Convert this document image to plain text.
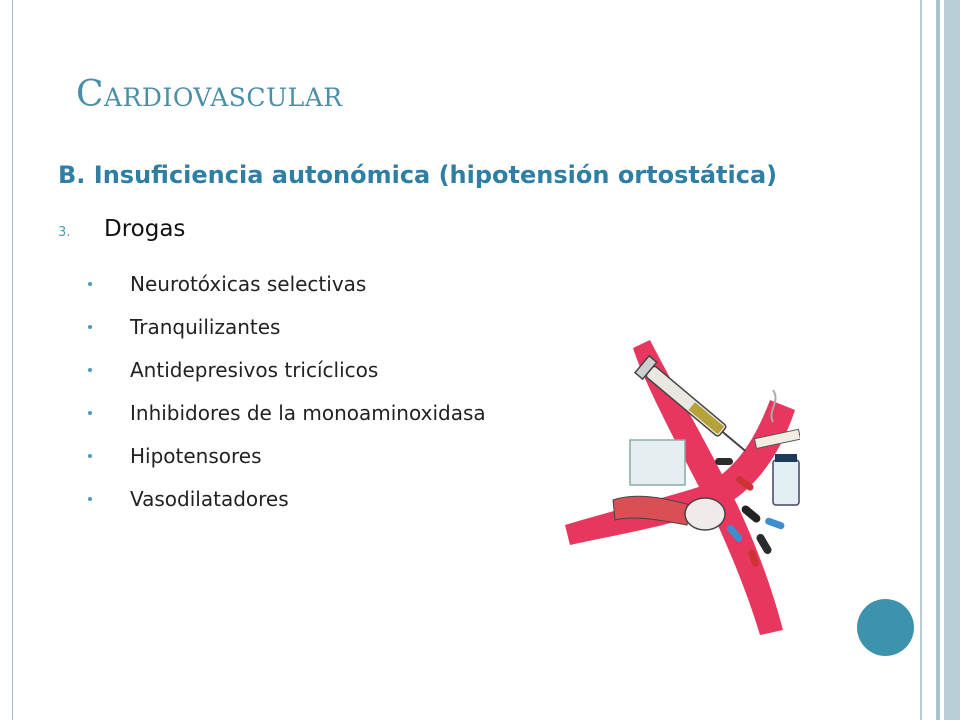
Cardiovascular
B. Insuficiencia autonómica (hipotensión ortostática)
3.	Drogas
Neurotóxicas selectivas
Tranquilizantes
Antidepresivos tricíclicos
Inhibidores de la monoaminoxidasa
Hipotensores
Vasodilatadores
